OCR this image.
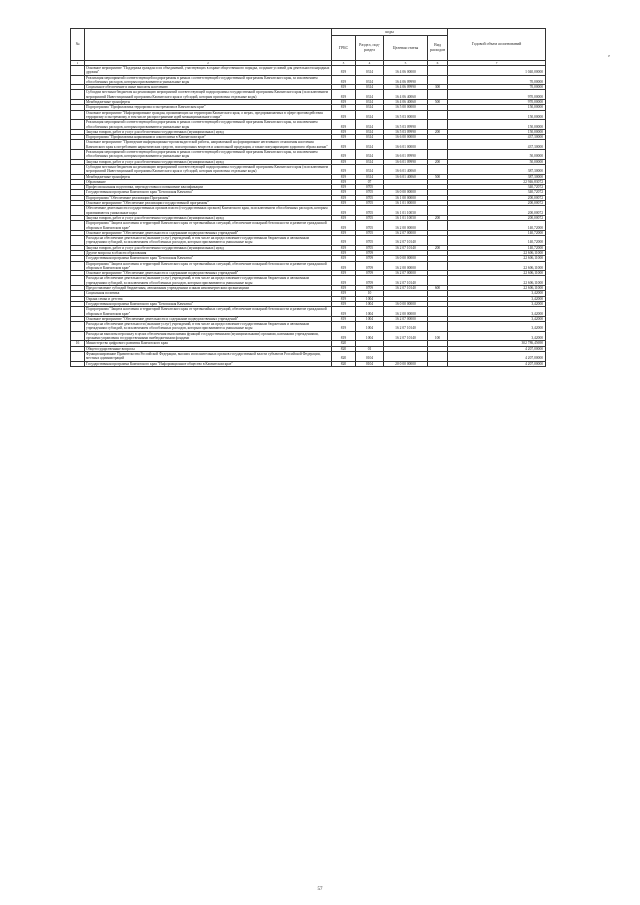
№		коды				Годовой объем ассигнований
		ГРБС	Раздел, под-раздел	Целевая статья	Вид расходов	
1	2	3	4	5	6	7
	Основное мероприятие "Поддержка граждан и их объединений, участвующих в охране общественного порядка, создание условий для деятельности народных дружин"	819	0314	16 4 06 00000		1 040,00000
	Реализация мероприятий соответствующей подпрограммы в рамках соответствующей государственной программы Камчатского края, за исключением обособленных расходов, которым присваиваются уникальные коды	819	0314	16 4 06 09990		70,00000
	Социальное обеспечение и иные выплаты населению	819	0314	16 4 06 09990	300	70,00000
	Субсидии местным бюджетам на реализацию мероприятий соответствующей подпрограммы государственной программы Камчатского края (за исключением мероприятий Инвестиционной программы Камчатского края и субсидий, которым присвоены отдельные коды)	819	0314	16 4 06 40060		970,00000
	Межбюджетные трансферты	819	0314	16 4 06 40060	500	970,00000
	Подпрограмма "Профилактика терроризма и экстремизма в Камчатском крае"	819	0314	16 5 00 00000		150,00000
	Основное мероприятие "Информирование граждан, проживающих на территории Камчатского края, о мерах, предпринимаемых в сфере противодействия терроризму и экстремизму, в том числе распространение идей межнационального мира"	819	0314	16 5 03 00000		150,00000
	Реализация мероприятий соответствующей подпрограммы в рамках соответствующей государственной программы Камчатского края, за исключением обособленных расходов, которым присваиваются уникальные коды	819	0314	16 5 03 09990		150,00000
	Закупка товаров, работ и услуг для обеспечения государственных (муниципальных) нужд	819	0314	16 5 03 09990	200	150,00000
	Подпрограмма "Профилактика наркомании и алкоголизма в Камчатском крае"	819	0314	16 6 00 00000		437,30000
	Основное мероприятие "Проведение информационно-пропагандистской работы, направленной на формирование негативного отношения населения Камчатского края к потреблению наркотических средств, психотропных веществ и алкогольной продукции, а также популяризацию здорового образа жизни"	819	0314	16 6 01 00000		437,30000
	Реализация мероприятий соответствующей подпрограммы в рамках соответствующей государственной программы Камчатского края, за исключением обособленных расходов, которым присваиваются уникальные коды	819	0314	16 6 01 09990		50,00000
	Закупка товаров, работ и услуг для обеспечения государственных (муниципальных) нужд	819	0314	16 6 01 09990	200	50,00000
	Субсидии местным бюджетам на реализацию мероприятий соответствующей подпрограммы государственной программы Камчатского края (за исключением мероприятий Инвестиционной программы Камчатского края и субсидий, которым присвоены отдельные коды)	819	0314	16 6 01 40060		387,30000
	Межбюджетные трансферты	819	0314	16 6 01 40060	500	387,30000
	Образование	819	07			22 946,83072
	Профессиональная подготовка, переподготовка и повышение квалификации	819	0705			340,72072
	Государственная программа Камчатского края "Безопасная Камчатка"	819	0705	16 0 00 00000		340,72072
	Подпрограмма "Обеспечение реализации Программы"	819	0705	16 1 00 00000		200,00072
	Основное мероприятие "Обеспечение реализации государственной программы"	819	0705	16 1 01 00000		200,00072
	Обеспечение деятельности государственных органов власти (государственных органов) Камчатского края, за исключением обособленных расходов, которым присваиваются уникальные коды	819	0705	16 1 01 10050		200,00072
	Закупка товаров, работ и услуг для обеспечения государственных (муниципальных) нужд	819	0705	16 1 01 10050	200	200,00072
	Подпрограмма "Защита населения и территорий Камчатского края от чрезвычайных ситуаций, обеспечение пожарной безопасности и развитие гражданской обороны в Камчатском крае"	819	0705	16 2 00 00000		140,72000
	Основное мероприятие "Обеспечение деятельности и содержание подведомственных учреждений"	819	0705	16 2 07 00000		140,72000
	Расходы на обеспечение деятельности (оказание услуг) учреждений, в том числе на предоставление государственным бюджетным и автономным учреждениям субсидий, за исключением обособленных расходов, которым присваиваются уникальные коды	819	0705	16 2 07 10140		140,72000
	Закупка товаров, работ и услуг для обеспечения государственных (муниципальных) нужд	819	0705	16 2 07 10140	200	140,72000
	Другие вопросы в области образования	819	0709			22 606,11000
	Государственная программа Камчатского края "Безопасная Камчатка"	819	0709	16 0 00 00000		22 606,11000
	Подпрограмма "Защита населения и территорий Камчатского края от чрезвычайных ситуаций, обеспечение пожарной безопасности и развитие гражданской обороны в Камчатском крае"	819	0709	16 2 00 00000		22 606,11000
	Основное мероприятие "Обеспечение деятельности и содержание подведомственных учреждений"	819	0709	16 2 07 00000		22 606,11000
	Расходы на обеспечение деятельности (оказание услуг) учреждений, в том числе на предоставление государственным бюджетным и автономным учреждениям субсидий, за исключением обособленных расходов, которым присваиваются уникальные коды	819	0709	16 2 07 10140		22 606,11000
	Предоставление субсидий бюджетным, автономным учреждениям и иным некоммерческим организациям	819	0709	16 2 07 10140	600	22 606,11000
	Социальная политика	819	10			3,42000
	Охрана семьи и детства	819	1004			3,42000
	Государственная программа Камчатского края "Безопасная Камчатка"	819	1004	16 0 00 00000		3,42000
	Подпрограмма "Защита населения и территорий Камчатского края от чрезвычайных ситуаций, обеспечение пожарной безопасности и развитие гражданской обороны в Камчатском крае"	819	1004	16 2 00 00000		3,42000
	Основное мероприятие "Обеспечение деятельности и содержание подведомственных учреждений"	819	1004	16 2 07 00000		3,42000
	Расходы на обеспечение деятельности (оказание услуг) учреждений, в том числе на предоставление государственным бюджетным и автономным учреждениям субсидий, за исключением обособленных расходов, которым присваиваются уникальные коды	819	1004	16 2 07 10140		3,42000
	Расходы на выплаты персоналу в целях обеспечения выполнения функций государственными (муниципальными) органами, казенными учреждениями, органами управления государственными внебюджетными фондами	819	1004	16 2 07 10140	100	3,42000
16	Министерство цифрового развития Камчатского края	820				302 786,45690
	Общегосударственные вопросы	820	01			4 207,00000
	Функционирование Правительства Российской Федерации, высших исполнительных органов государственной власти субъектов Российской Федерации, местных администраций	820	0104			4 207,00000
	Государственная программа Камчатского края "Информационное общество в Камчатском крае"	820	0104	20 0 00 00000		4 207,00000
57
ъ
